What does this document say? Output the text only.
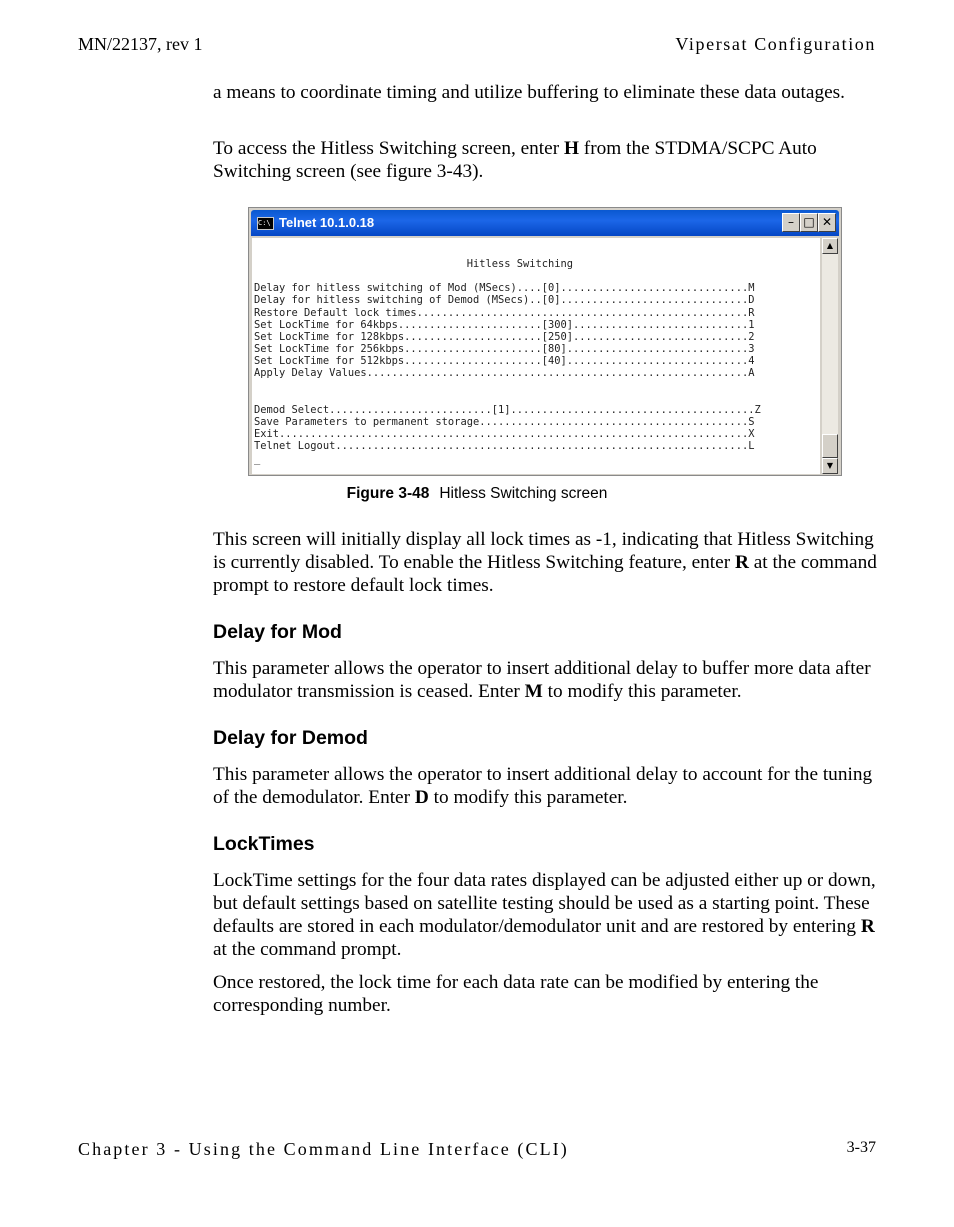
MN/22137, rev 1	Vipersat Configuration

a means to coordinate timing and utilize buffering to eliminate these data outages.

To access the Hitless Switching screen, enter H from the STDMA/SCPC Auto Switching screen (see figure 3-43).

C:\ Telnet 10.1.0.18	– □ ✕
Hitless Switching

Delay for hitless switching of Mod (MSecs)....[0]..............................M
Delay for hitless switching of Demod (MSecs)..[0]..............................D
Restore Default lock times.....................................................R
Set LockTime for 64kbps.......................[300]............................1
Set LockTime for 128kbps......................[250]............................2
Set LockTime for 256kbps......................[80].............................3
Set LockTime for 512kbps......................[40].............................4
Apply Delay Values.............................................................A

Demod Select..........................[1].......................................Z
Save Parameters to permanent storage...........................................S
Exit...........................................................................X
Telnet Logout..................................................................L
_
▲
▼
Figure 3-48 Hitless Switching screen

This screen will initially display all lock times as -1, indicating that Hitless Switching is currently disabled. To enable the Hitless Switching feature, enter R at the command prompt to restore default lock times.

Delay for Mod

This parameter allows the operator to insert additional delay to buffer more data after modulator transmission is ceased. Enter M to modify this parameter.

Delay for Demod

This parameter allows the operator to insert additional delay to account for the tuning of the demodulator. Enter D to modify this parameter.

LockTimes

LockTime settings for the four data rates displayed can be adjusted either up or down, but default settings based on satellite testing should be used as a starting point. These defaults are stored in each modulator/demodulator unit and are restored by entering R at the command prompt.

Once restored, the lock time for each data rate can be modified by entering the corresponding number.

Chapter 3 - Using the Command Line Interface (CLI)	3-37
